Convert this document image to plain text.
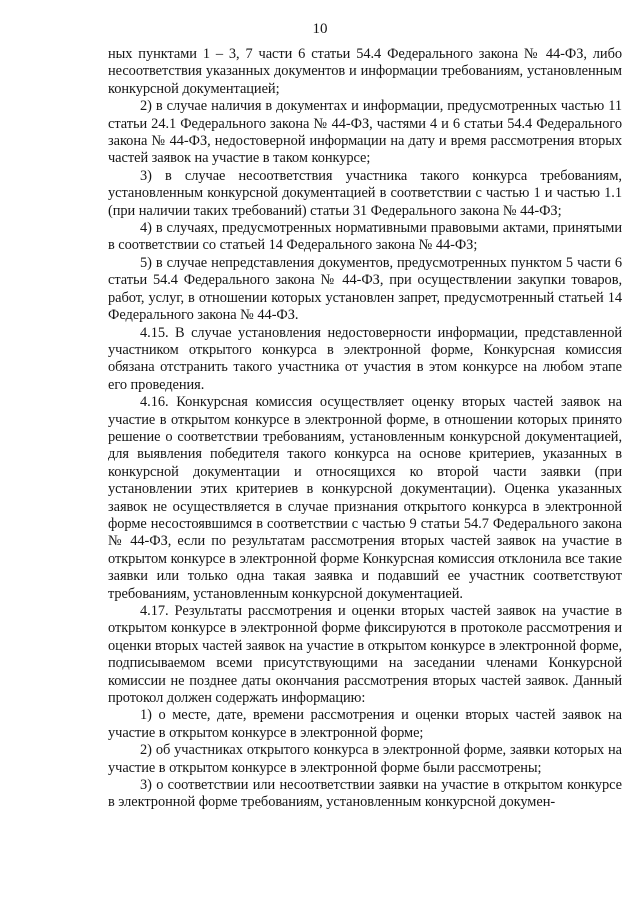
10

ных пунктами 1 – 3, 7 части 6 статьи 54.4 Федерального закона № 44-ФЗ, либо несоответствия указанных документов и информации требованиям, установленным конкурсной документацией;

2) в случае наличия в документах и информации, предусмотренных частью 11 статьи 24.1 Федерального закона № 44-ФЗ, частями 4 и 6 статьи 54.4 Федерального закона № 44-ФЗ, недостоверной информации на дату и время рассмотрения вторых частей заявок на участие в таком конкурсе;

3) в случае несоответствия участника такого конкурса требованиям, установленным конкурсной документацией в соответствии с частью 1 и частью 1.1 (при наличии таких требований) статьи 31 Федерального закона № 44-ФЗ;

4) в случаях, предусмотренных нормативными правовыми актами, принятыми в соответствии со статьей 14 Федерального закона № 44-ФЗ;

5) в случае непредставления документов, предусмотренных пунктом 5 части 6 статьи 54.4 Федерального закона № 44-ФЗ, при осуществлении закупки товаров, работ, услуг, в отношении которых установлен запрет, предусмотренный статьей 14 Федерального закона № 44-ФЗ.

4.15. В случае установления недостоверности информации, представленной участником открытого конкурса в электронной форме, Конкурсная комиссия обязана отстранить такого участника от участия в этом конкурсе на любом этапе его проведения.

4.16. Конкурсная комиссия осуществляет оценку вторых частей заявок на участие в открытом конкурсе в электронной форме, в отношении которых принято решение о соответствии требованиям, установленным конкурсной документацией, для выявления победителя такого конкурса на основе критериев, указанных в конкурсной документации и относящихся ко второй части заявки (при установлении этих критериев в конкурсной документации). Оценка указанных заявок не осуществляется в случае признания открытого конкурса в электронной форме несостоявшимся в соответствии с частью 9 статьи 54.7 Федерального закона № 44-ФЗ, если по результатам рассмотрения вторых частей заявок на участие в открытом конкурсе в электронной форме Конкурсная комиссия отклонила все такие заявки или только одна такая заявка и подавший ее участник соответствуют требованиям, установленным конкурсной документацией.

4.17. Результаты рассмотрения и оценки вторых частей заявок на участие в открытом конкурсе в электронной форме фиксируются в протоколе рассмотрения и оценки вторых частей заявок на участие в открытом конкурсе в электронной форме, подписываемом всеми присутствующими на заседании членами Конкурсной комиссии не позднее даты окончания рассмотрения вторых частей заявок. Данный протокол должен содержать информацию:

1) о месте, дате, времени рассмотрения и оценки вторых частей заявок на участие в открытом конкурсе в электронной форме;

2) об участниках открытого конкурса в электронной форме, заявки которых на участие в открытом конкурсе в электронной форме были рассмотрены;

3) о соответствии или несоответствии заявки на участие в открытом конкурсе в электронной форме требованиям, установленным конкурсной докумен-
